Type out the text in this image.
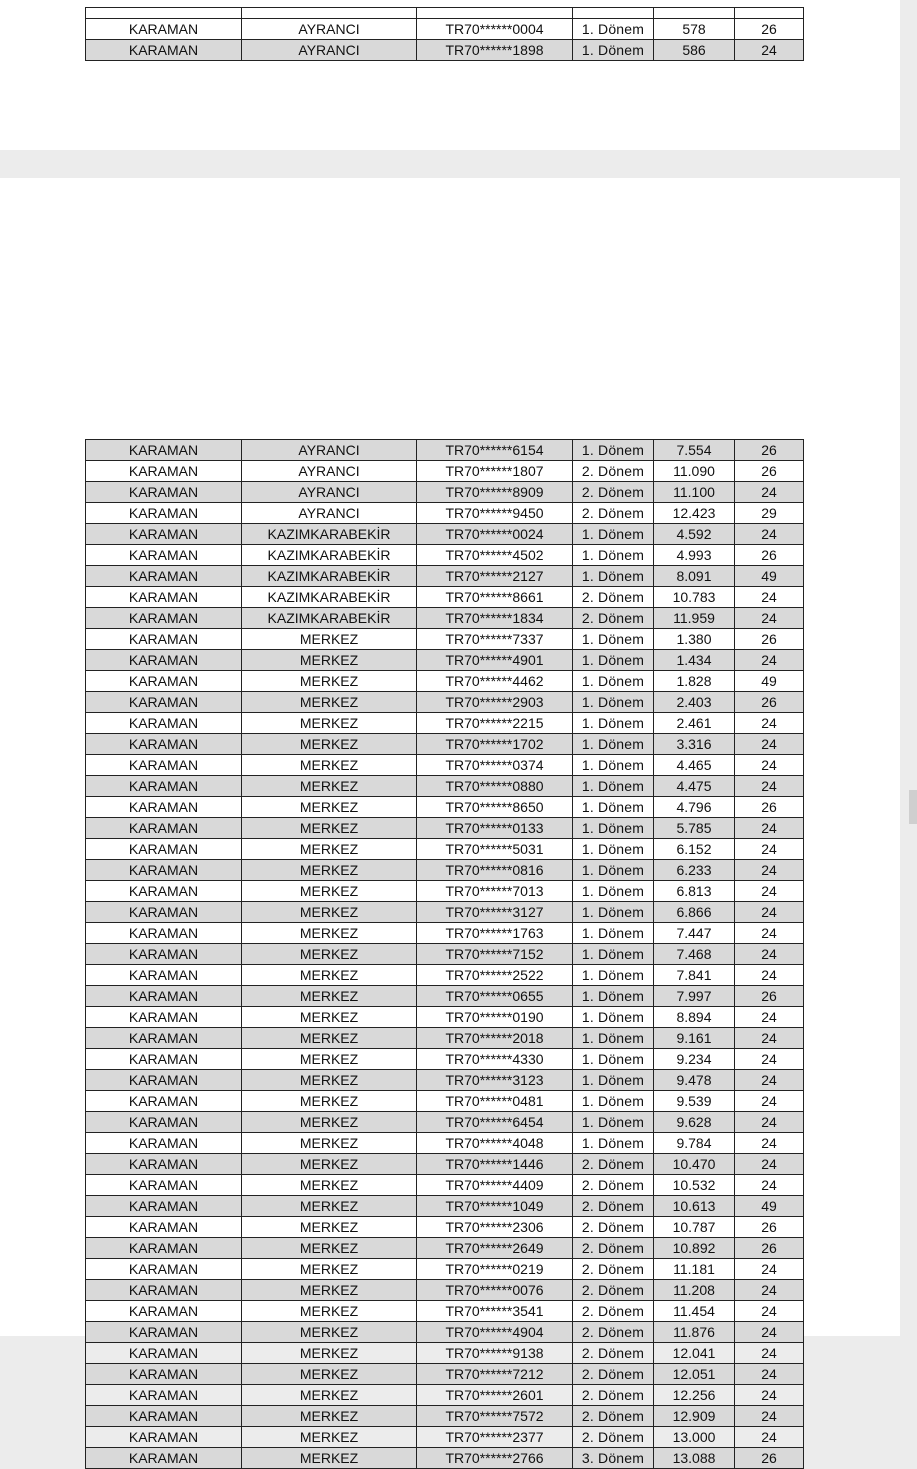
KARAMAN	AYRANCI	TR70******0004	1. Dönem	578	26
KARAMAN	AYRANCI	TR70******1898	1. Dönem	586	24
KARAMAN	AYRANCI	TR70******6154	1. Dönem	7.554	26
KARAMAN	AYRANCI	TR70******1807	2. Dönem	11.090	26
KARAMAN	AYRANCI	TR70******8909	2. Dönem	11.100	24
KARAMAN	AYRANCI	TR70******9450	2. Dönem	12.423	29
KARAMAN	KAZIMKARABEKİR	TR70******0024	1. Dönem	4.592	24
KARAMAN	KAZIMKARABEKİR	TR70******4502	1. Dönem	4.993	26
KARAMAN	KAZIMKARABEKİR	TR70******2127	1. Dönem	8.091	49
KARAMAN	KAZIMKARABEKİR	TR70******8661	2. Dönem	10.783	24
KARAMAN	KAZIMKARABEKİR	TR70******1834	2. Dönem	11.959	24
KARAMAN	MERKEZ	TR70******7337	1. Dönem	1.380	26
KARAMAN	MERKEZ	TR70******4901	1. Dönem	1.434	24
KARAMAN	MERKEZ	TR70******4462	1. Dönem	1.828	49
KARAMAN	MERKEZ	TR70******2903	1. Dönem	2.403	26
KARAMAN	MERKEZ	TR70******2215	1. Dönem	2.461	24
KARAMAN	MERKEZ	TR70******1702	1. Dönem	3.316	24
KARAMAN	MERKEZ	TR70******0374	1. Dönem	4.465	24
KARAMAN	MERKEZ	TR70******0880	1. Dönem	4.475	24
KARAMAN	MERKEZ	TR70******8650	1. Dönem	4.796	26
KARAMAN	MERKEZ	TR70******0133	1. Dönem	5.785	24
KARAMAN	MERKEZ	TR70******5031	1. Dönem	6.152	24
KARAMAN	MERKEZ	TR70******0816	1. Dönem	6.233	24
KARAMAN	MERKEZ	TR70******7013	1. Dönem	6.813	24
KARAMAN	MERKEZ	TR70******3127	1. Dönem	6.866	24
KARAMAN	MERKEZ	TR70******1763	1. Dönem	7.447	24
KARAMAN	MERKEZ	TR70******7152	1. Dönem	7.468	24
KARAMAN	MERKEZ	TR70******2522	1. Dönem	7.841	24
KARAMAN	MERKEZ	TR70******0655	1. Dönem	7.997	26
KARAMAN	MERKEZ	TR70******0190	1. Dönem	8.894	24
KARAMAN	MERKEZ	TR70******2018	1. Dönem	9.161	24
KARAMAN	MERKEZ	TR70******4330	1. Dönem	9.234	24
KARAMAN	MERKEZ	TR70******3123	1. Dönem	9.478	24
KARAMAN	MERKEZ	TR70******0481	1. Dönem	9.539	24
KARAMAN	MERKEZ	TR70******6454	1. Dönem	9.628	24
KARAMAN	MERKEZ	TR70******4048	1. Dönem	9.784	24
KARAMAN	MERKEZ	TR70******1446	2. Dönem	10.470	24
KARAMAN	MERKEZ	TR70******4409	2. Dönem	10.532	24
KARAMAN	MERKEZ	TR70******1049	2. Dönem	10.613	49
KARAMAN	MERKEZ	TR70******2306	2. Dönem	10.787	26
KARAMAN	MERKEZ	TR70******2649	2. Dönem	10.892	26
KARAMAN	MERKEZ	TR70******0219	2. Dönem	11.181	24
KARAMAN	MERKEZ	TR70******0076	2. Dönem	11.208	24
KARAMAN	MERKEZ	TR70******3541	2. Dönem	11.454	24
KARAMAN	MERKEZ	TR70******4904	2. Dönem	11.876	24
KARAMAN	MERKEZ	TR70******9138	2. Dönem	12.041	24
KARAMAN	MERKEZ	TR70******7212	2. Dönem	12.051	24
KARAMAN	MERKEZ	TR70******2601	2. Dönem	12.256	24
KARAMAN	MERKEZ	TR70******7572	2. Dönem	12.909	24
KARAMAN	MERKEZ	TR70******2377	2. Dönem	13.000	24
KARAMAN	MERKEZ	TR70******2766	3. Dönem	13.088	26
